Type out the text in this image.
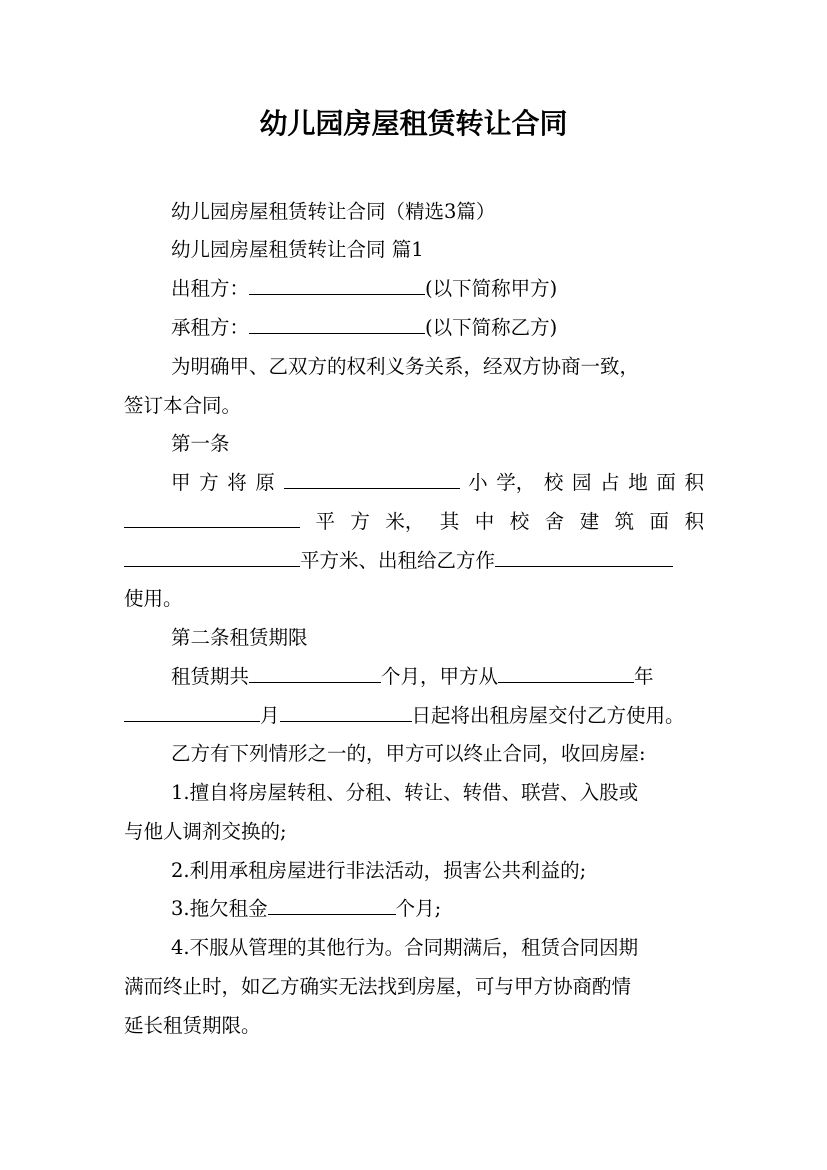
幼儿园房屋租赁转让合同
幼儿园房屋租赁转让合同（精选3篇）
幼儿园房屋租赁转让合同 篇1
出租方：	(以下简称甲方)
承租方：	(以下简称乙方)
为明确甲、乙双方的权利义务关系，经双方协商一致，
签订本合同。
第一条
甲 方 将 原	小 学， 校 园 占 地 面 积
平 方 米， 其 中 校 舍 建 筑 面 积
平方米、出租给乙方作
使用。
第二条租赁期限
租赁期共	个月，甲方从	年
月	日起将出租房屋交付乙方使用。
乙方有下列情形之一的，甲方可以终止合同，收回房屋:
1.擅自将房屋转租、分租、转让、转借、联营、入股或
与他人调剂交换的;
2.利用承租房屋进行非法活动，损害公共利益的;
3.拖欠租金	个月;
4.不服从管理的其他行为。合同期满后，租赁合同因期
满而终止时，如乙方确实无法找到房屋，可与甲方协商酌情
延长租赁期限。
